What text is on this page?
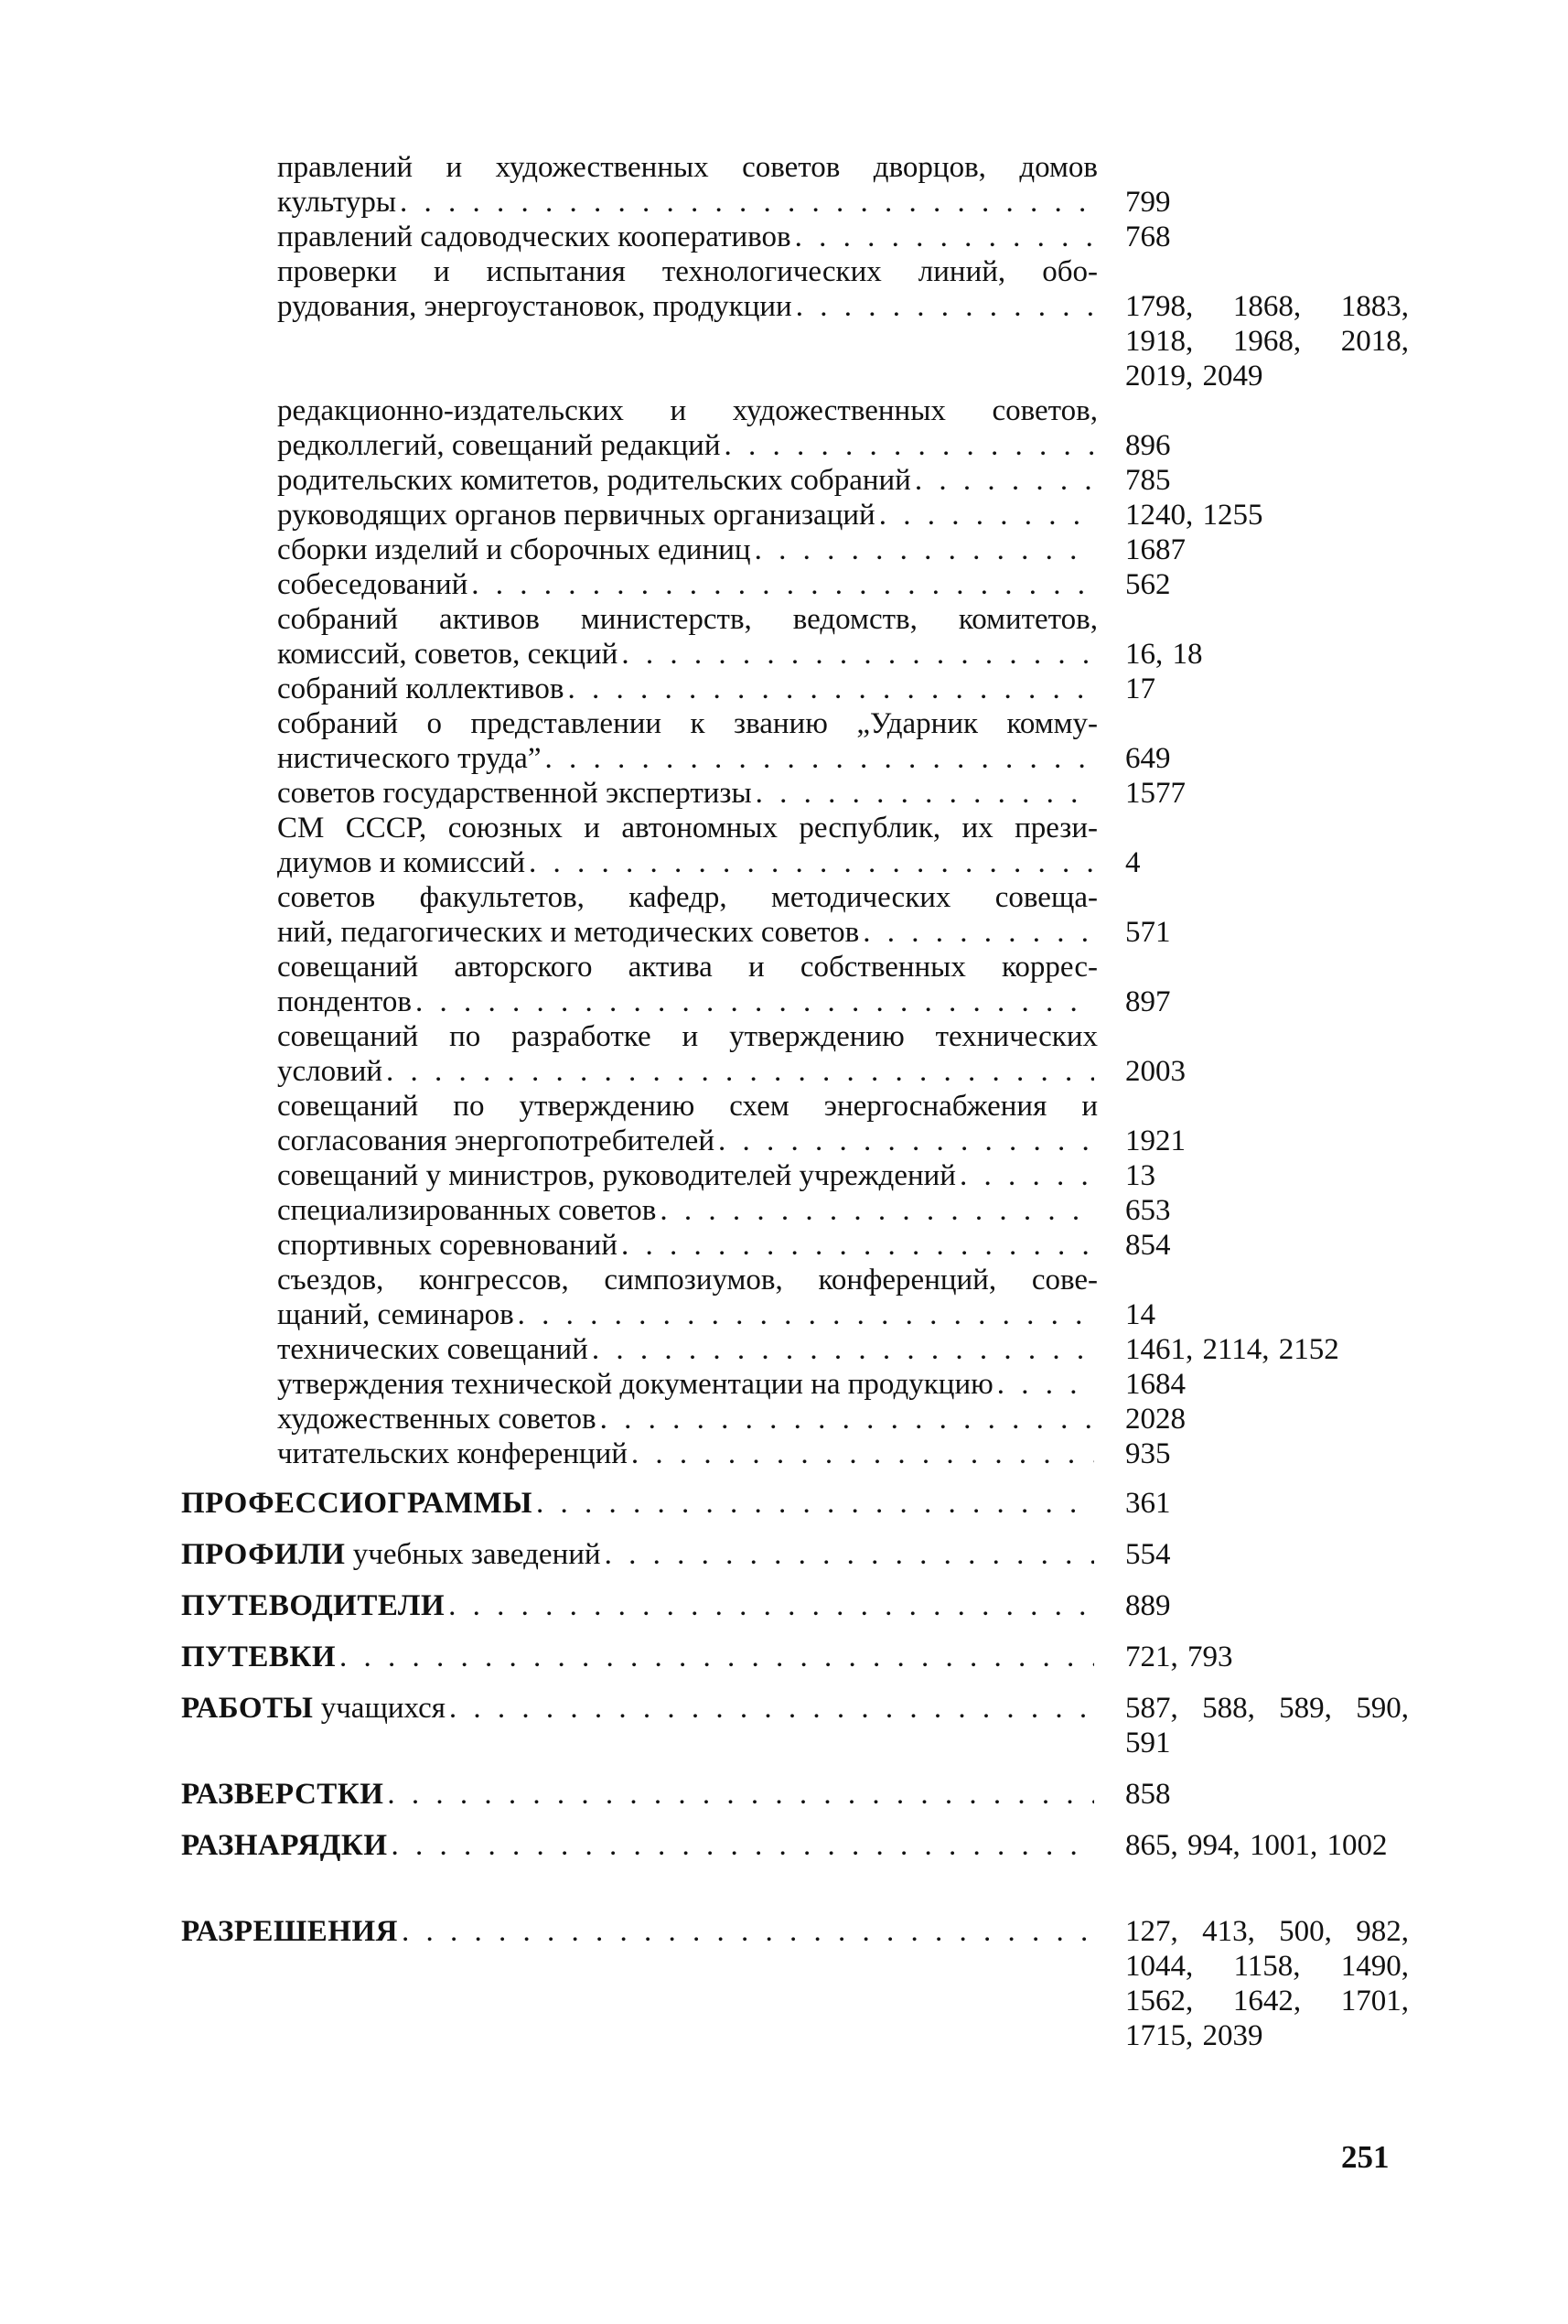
правлений и художественных советов дворцов, домов
культуры . . .	799
правлений садоводческих кооперативов . . .	768
проверки и испытания технологических линий, обо-
рудования, энергоустановок, продукции . . .	1798, 1868, 1883, 1918, 1968, 2018, 2019, 2049
редакционно-издательских и художественных советов,
редколлегий, совещаний редакций . . .	896
родительских комитетов, родительских собраний . . .	785
руководящих органов первичных организаций . . .	1240, 1255
сборки изделий и сборочных единиц . . .	1687
собеседований . . .	562
собраний активов министерств, ведомств, комитетов,
комиссий, советов, секций . . .	16, 18
собраний коллективов . . .	17
собраний о представлении к званию „Ударник комму-
нистического труда” . . .	649
советов государственной экспертизы . . .	1577
СМ СССР, союзных и автономных республик, их прези-
диумов и комиссий . . .	4
советов факультетов, кафедр, методических совеща-
ний, педагогических и методических советов . . .	571
совещаний авторского актива и собственных коррес-
пондентов . . .	897
совещаний по разработке и утверждению технических
условий . . .	2003
совещаний по утверждению схем энергоснабжения и
согласования энергопотребителей . . .	1921
совещаний у министров, руководителей учреждений . . .	13
специализированных советов . . .	653
спортивных соревнований . . .	854
съездов, конгрессов, симпозиумов, конференций, сове-
щаний, семинаров . . .	14
технических совещаний . . .	1461, 2114, 2152
утверждения технической документации на продукцию . . .	1684
художественных советов . . .	2028
читательских конференций . . .	935
ПРОФЕССИОГРАММЫ . . .	361
ПРОФИЛИ учебных заведений . . .	554
ПУТЕВОДИТЕЛИ . . .	889
ПУТЕВКИ . . .	721, 793
РАБОТЫ учащихся . . .	587, 588, 589, 590, 591
РАЗВЕРСТКИ . . .	858
РАЗНАРЯДКИ . . .	865, 994, 1001, 1002
РАЗРЕШЕНИЯ . . .	127, 413, 500, 982, 1044, 1158, 1490, 1562, 1642, 1701, 1715, 2039
251
